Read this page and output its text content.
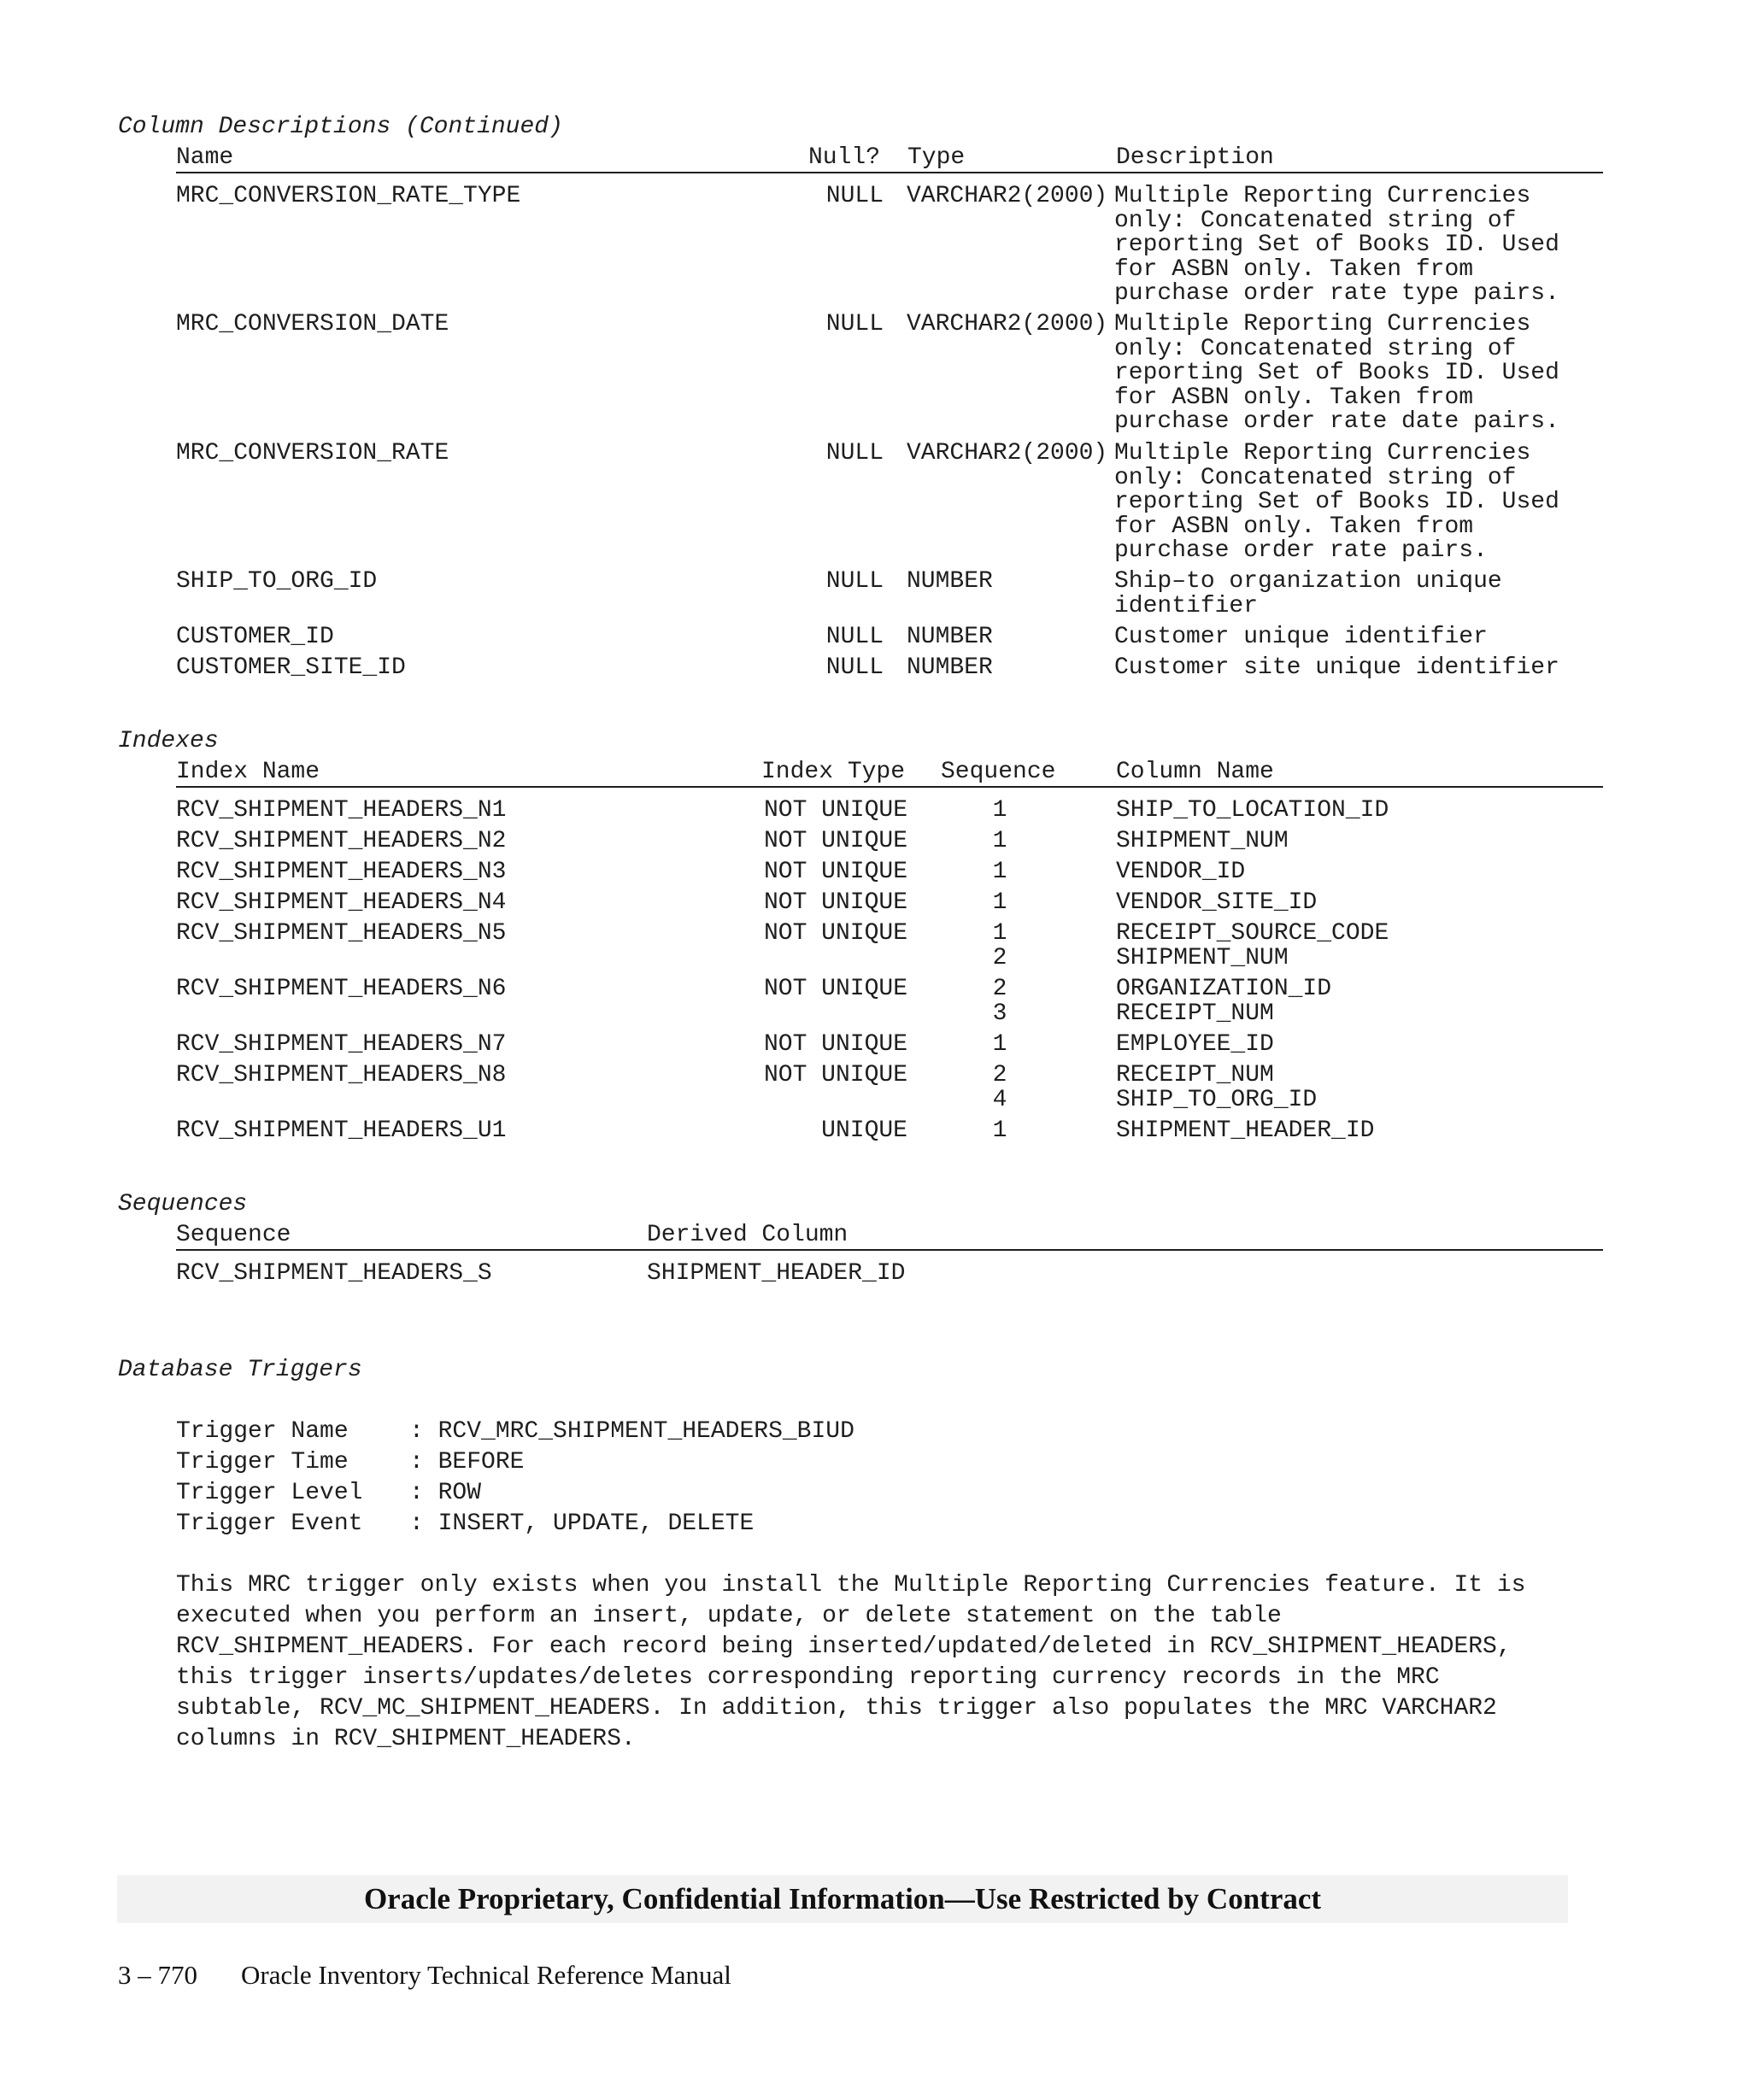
Column Descriptions (Continued)
Name	Null? Type	Description
MRC_CONVERSION_RATE_TYPE	NULL VARCHAR2(2000) Multiple Reporting Currencies
only: Concatenated string of
reporting Set of Books ID. Used
for ASBN only. Taken from
purchase order rate type pairs.
MRC_CONVERSION_DATE	NULL VARCHAR2(2000) Multiple Reporting Currencies
only: Concatenated string of
reporting Set of Books ID. Used
for ASBN only. Taken from
purchase order rate date pairs.
MRC_CONVERSION_RATE	NULL VARCHAR2(2000) Multiple Reporting Currencies
only: Concatenated string of
reporting Set of Books ID. Used
for ASBN only. Taken from
purchase order rate pairs.
SHIP_TO_ORG_ID	NULL NUMBER	Ship–to organization unique
identifier
CUSTOMER_ID	NULL NUMBER	Customer unique identifier
CUSTOMER_SITE_ID	NULL NUMBER	Customer site unique identifier
Indexes
Index Name	Index Type Sequence	Column Name
RCV_SHIPMENT_HEADERS_N1	NOT UNIQUE	1	SHIP_TO_LOCATION_ID
RCV_SHIPMENT_HEADERS_N2	NOT UNIQUE	1	SHIPMENT_NUM
RCV_SHIPMENT_HEADERS_N3	NOT UNIQUE	1	VENDOR_ID
RCV_SHIPMENT_HEADERS_N4	NOT UNIQUE	1	VENDOR_SITE_ID
RCV_SHIPMENT_HEADERS_N5	NOT UNIQUE	1	RECEIPT_SOURCE_CODE
2	SHIPMENT_NUM
RCV_SHIPMENT_HEADERS_N6	NOT UNIQUE	2	ORGANIZATION_ID
3	RECEIPT_NUM
RCV_SHIPMENT_HEADERS_N7	NOT UNIQUE	1	EMPLOYEE_ID
RCV_SHIPMENT_HEADERS_N8	NOT UNIQUE	2	RECEIPT_NUM
4	SHIP_TO_ORG_ID
RCV_SHIPMENT_HEADERS_U1	UNIQUE	1	SHIPMENT_HEADER_ID
Sequences
Sequence	Derived Column
RCV_SHIPMENT_HEADERS_S	SHIPMENT_HEADER_ID
Database Triggers
Trigger Name	: RCV_MRC_SHIPMENT_HEADERS_BIUD
Trigger Time	: BEFORE
Trigger Level : ROW
Trigger Event : INSERT, UPDATE, DELETE
This MRC trigger only exists when you install the Multiple Reporting Currencies feature. It is
executed when you perform an insert, update, or delete statement on the table
RCV_SHIPMENT_HEADERS. For each record being inserted/updated/deleted in RCV_SHIPMENT_HEADERS,
this trigger inserts/updates/deletes corresponding reporting currency records in the MRC
subtable, RCV_MC_SHIPMENT_HEADERS. In addition, this trigger also populates the MRC VARCHAR2
columns in RCV_SHIPMENT_HEADERS.
Oracle Proprietary, Confidential Information––Use Restricted by Contract
3 – 770 Oracle Inventory Technical Reference Manual
